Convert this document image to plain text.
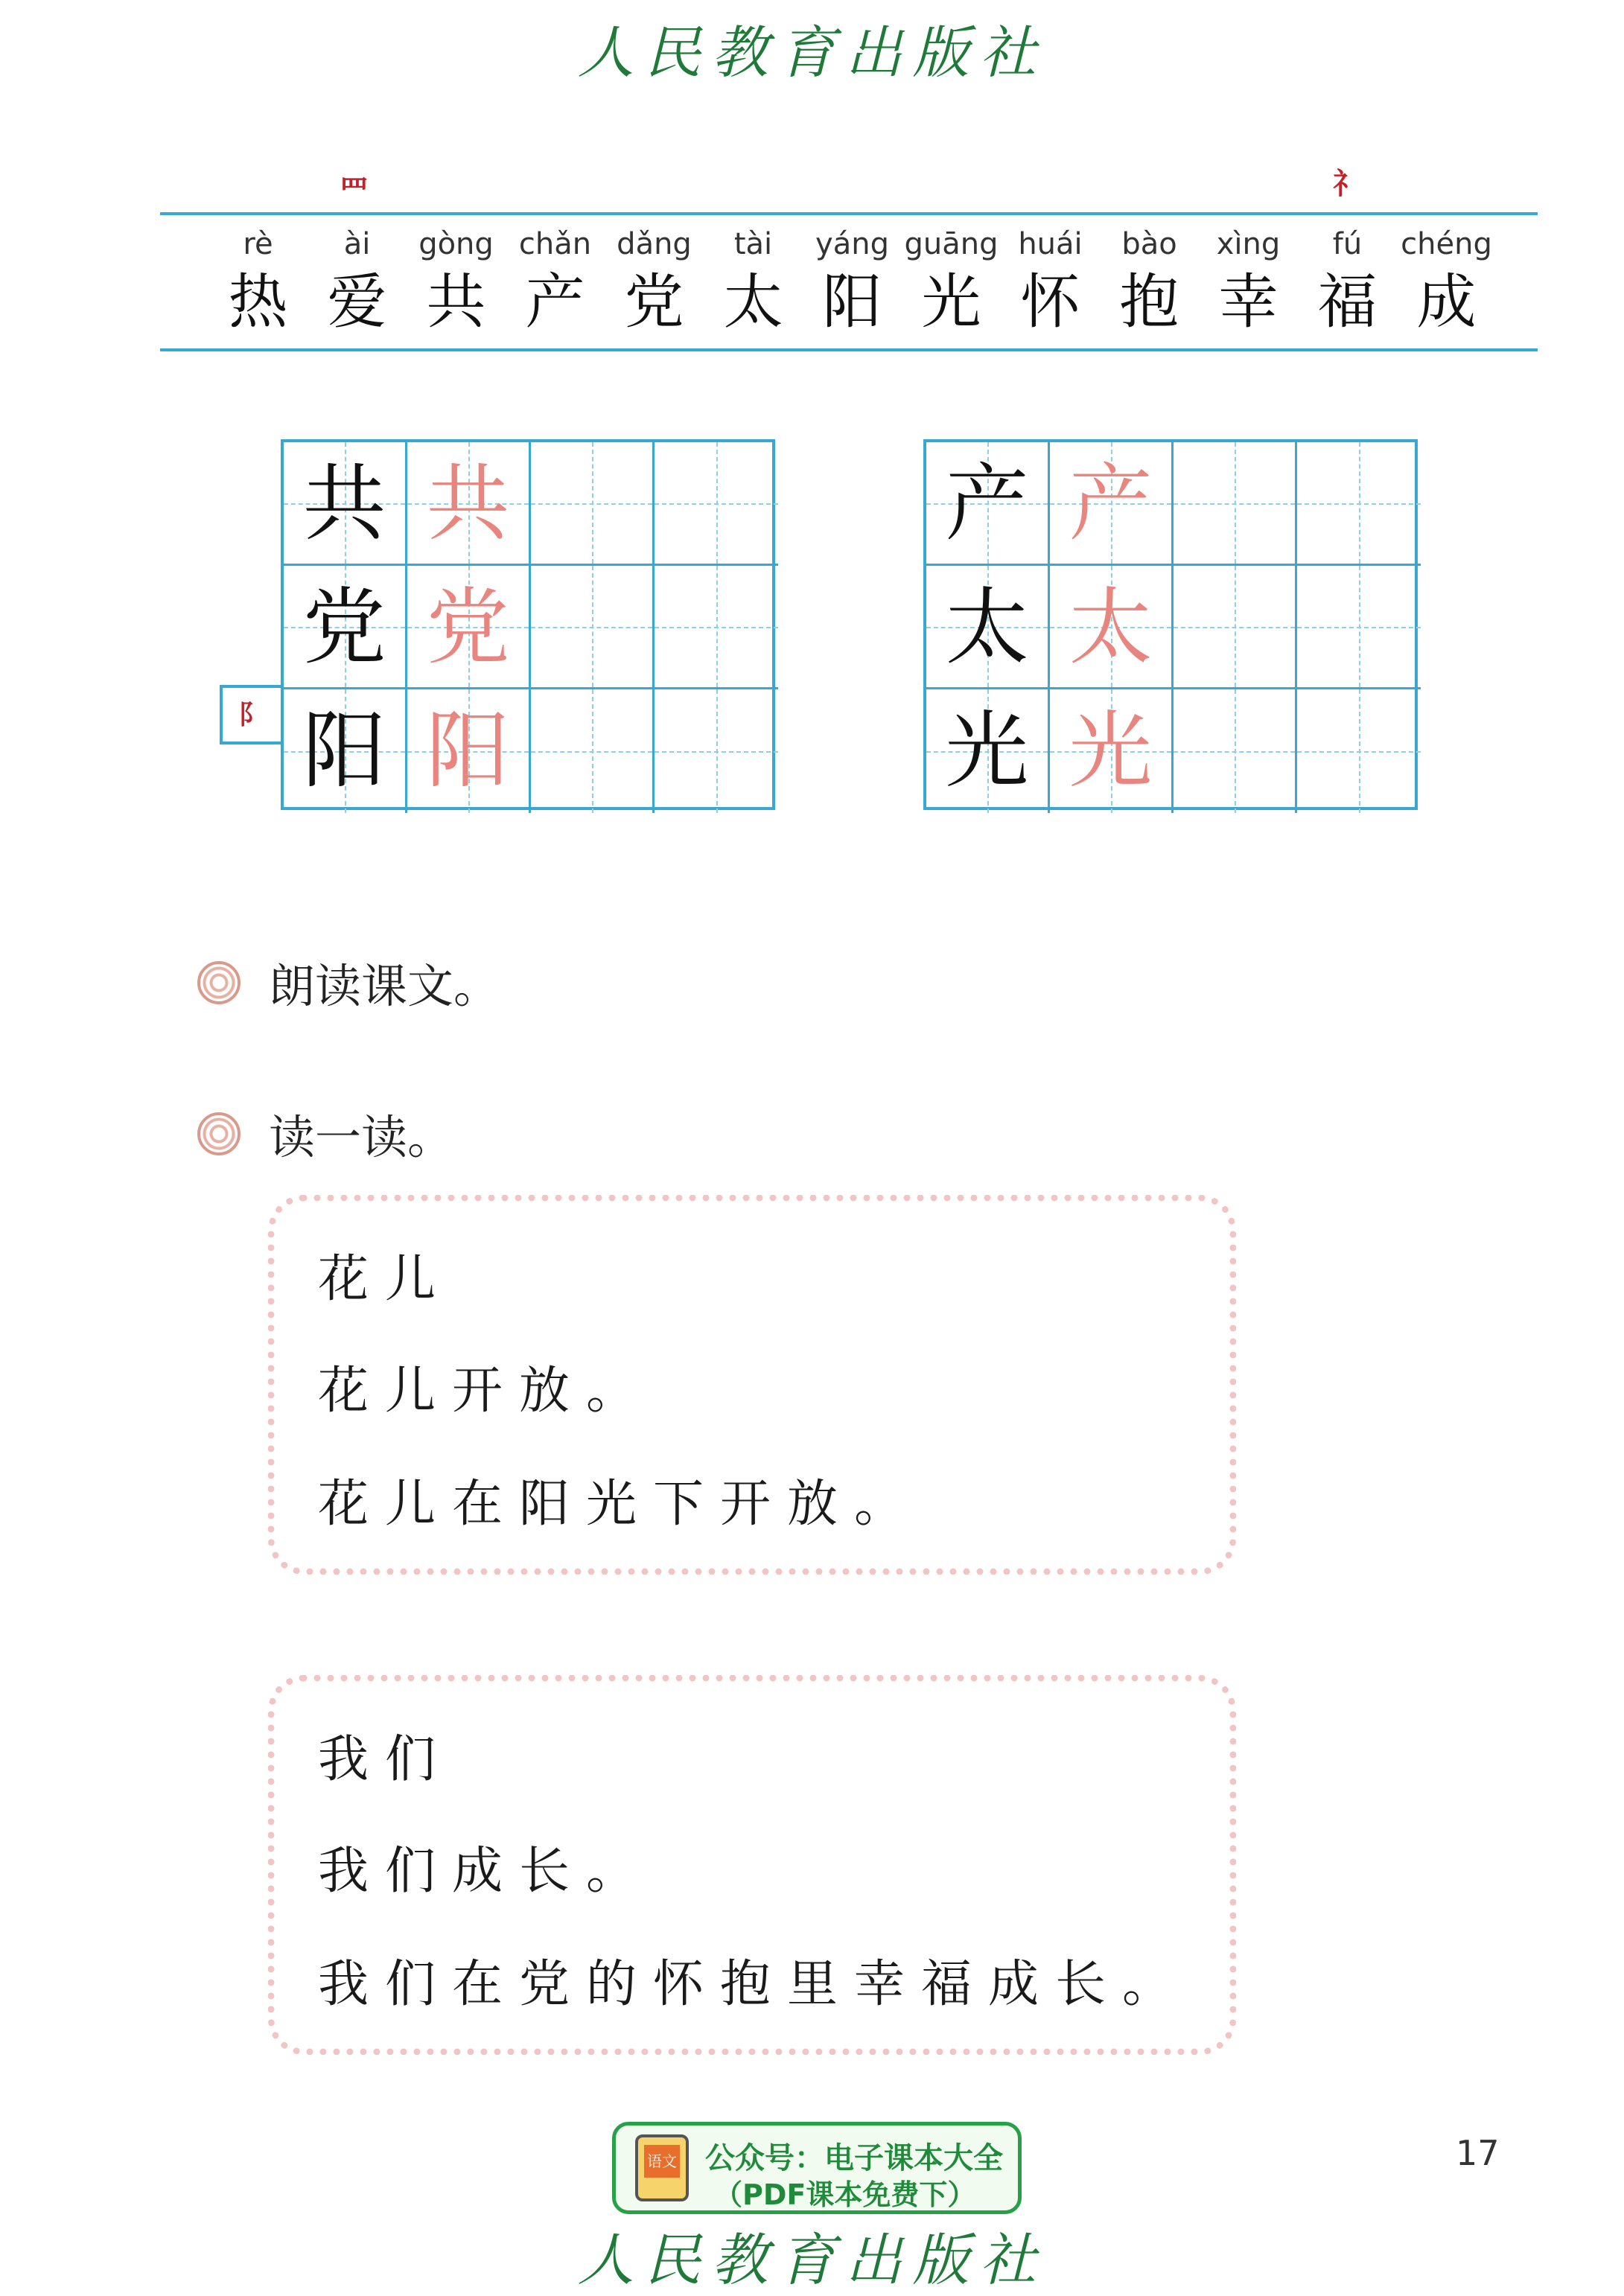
人民教育出版社
罒	礻
rè
热
ài
爱
gòng
共
chǎn
产
dǎng
党
tài
太
yáng
阳
guāng
光
huái
怀
bào
抱
xìng
幸
fú
福
chéng
成
阝
共 共
党 党
阳 阳
产 产
太 太
光 光
朗读课文。
读一读。
花儿
花儿开放。
花儿在阳光下开放。
我们
我们成长。
我们在党的怀抱里幸福成长。
语文 公众号：电子课本大全
（PDF课本免费下）
17
人民教育出版社
